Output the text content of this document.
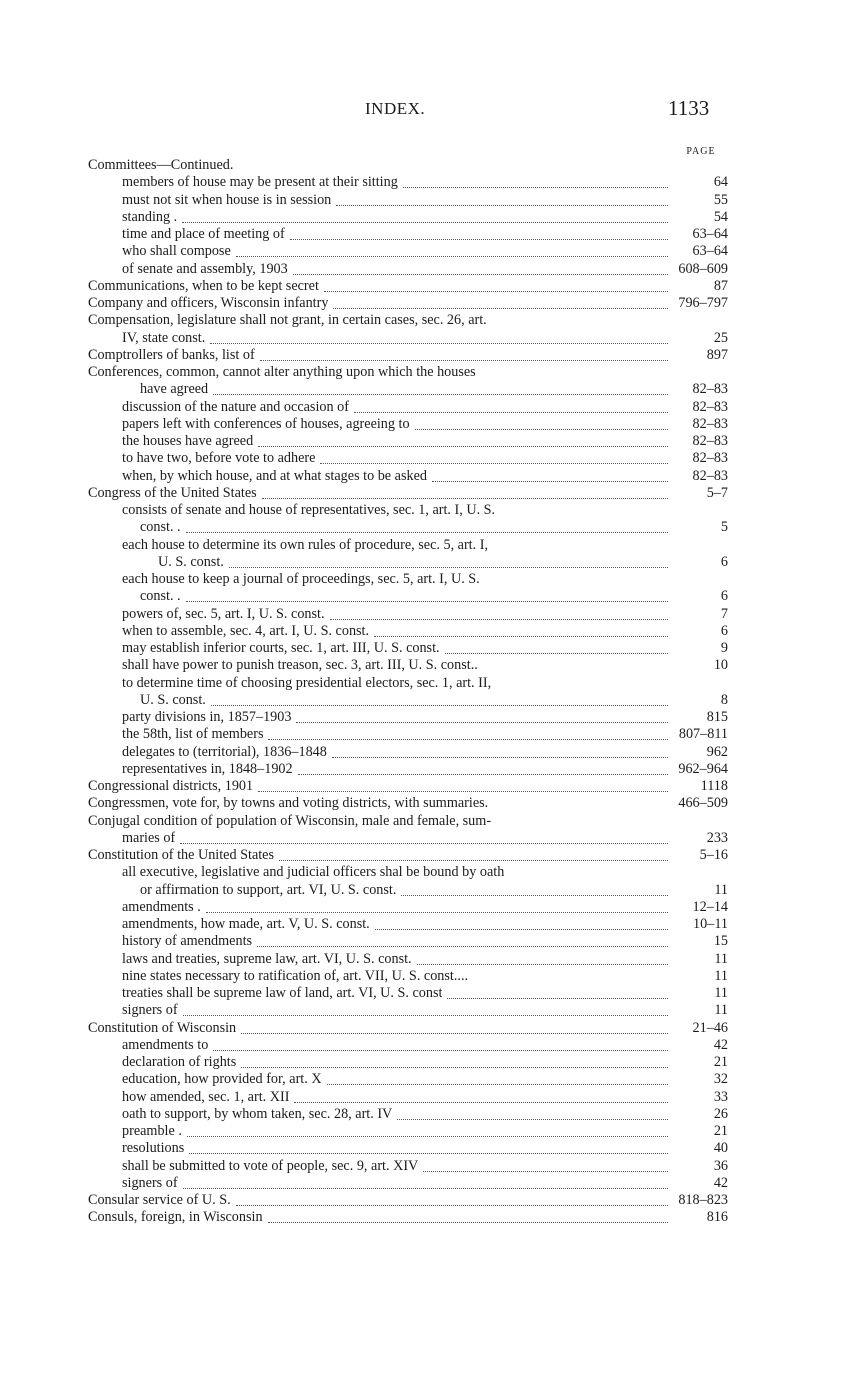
INDEX.	1133
PAGE
Committees—Continued.
members of house may be present at their sitting	64
must not sit when house is in session	55
standing .	54
time and place of meeting of	63–64
who shall compose	63–64
of senate and assembly, 1903	608–609
Communications, when to be kept secret	87
Company and officers, Wisconsin infantry	796–797
Compensation, legislature shall not grant, in certain cases, sec. 26, art.
IV, state const.	25
Comptrollers of banks, list of	897
Conferences, common, cannot alter anything upon which the houses
have agreed	82–83
discussion of the nature and occasion of	82–83
papers left with conferences of houses, agreeing to	82–83
the houses have agreed	82–83
to have two, before vote to adhere	82–83
when, by which house, and at what stages to be asked	82–83
Congress of the United States	5–7
consists of senate and house of representatives, sec. 1, art. I, U. S.
const. .	5
each house to determine its own rules of procedure, sec. 5, art. I,
U. S. const.	6
each house to keep a journal of proceedings, sec. 5, art. I, U. S.
const. .	6
powers of, sec. 5, art. I, U. S. const.	7
when to assemble, sec. 4, art. I, U. S. const.	6
may establish inferior courts, sec. 1, art. III, U. S. const.	9
shall have power to punish treason, sec. 3, art. III, U. S. const..	10
to determine time of choosing presidential electors, sec. 1, art. II,
U. S. const.	8
party divisions in, 1857–1903	815
the 58th, list of members	807–811
delegates to (territorial), 1836–1848	962
representatives in, 1848–1902	962–964
Congressional districts, 1901	1118
Congressmen, vote for, by towns and voting districts, with summaries.	466–509
Conjugal condition of population of Wisconsin, male and female, sum-
maries of	233
Constitution of the United States	5–16
all executive, legislative and judicial officers shal be bound by oath
or affirmation to support, art. VI, U. S. const.	11
amendments .	12–14
amendments, how made, art. V, U. S. const.	10–11
history of amendments	15
laws and treaties, supreme law, art. VI, U. S. const.	11
nine states necessary to ratification of, art. VII, U. S. const....	11
treaties shall be supreme law of land, art. VI, U. S. const	11
signers of	11
Constitution of Wisconsin	21–46
amendments to	42
declaration of rights	21
education, how provided for, art. X	32
how amended, sec. 1, art. XII	33
oath to support, by whom taken, sec. 28, art. IV	26
preamble .	21
resolutions	40
shall be submitted to vote of people, sec. 9, art. XIV	36
signers of	42
Consular service of U. S.	818–823
Consuls, foreign, in Wisconsin	816
